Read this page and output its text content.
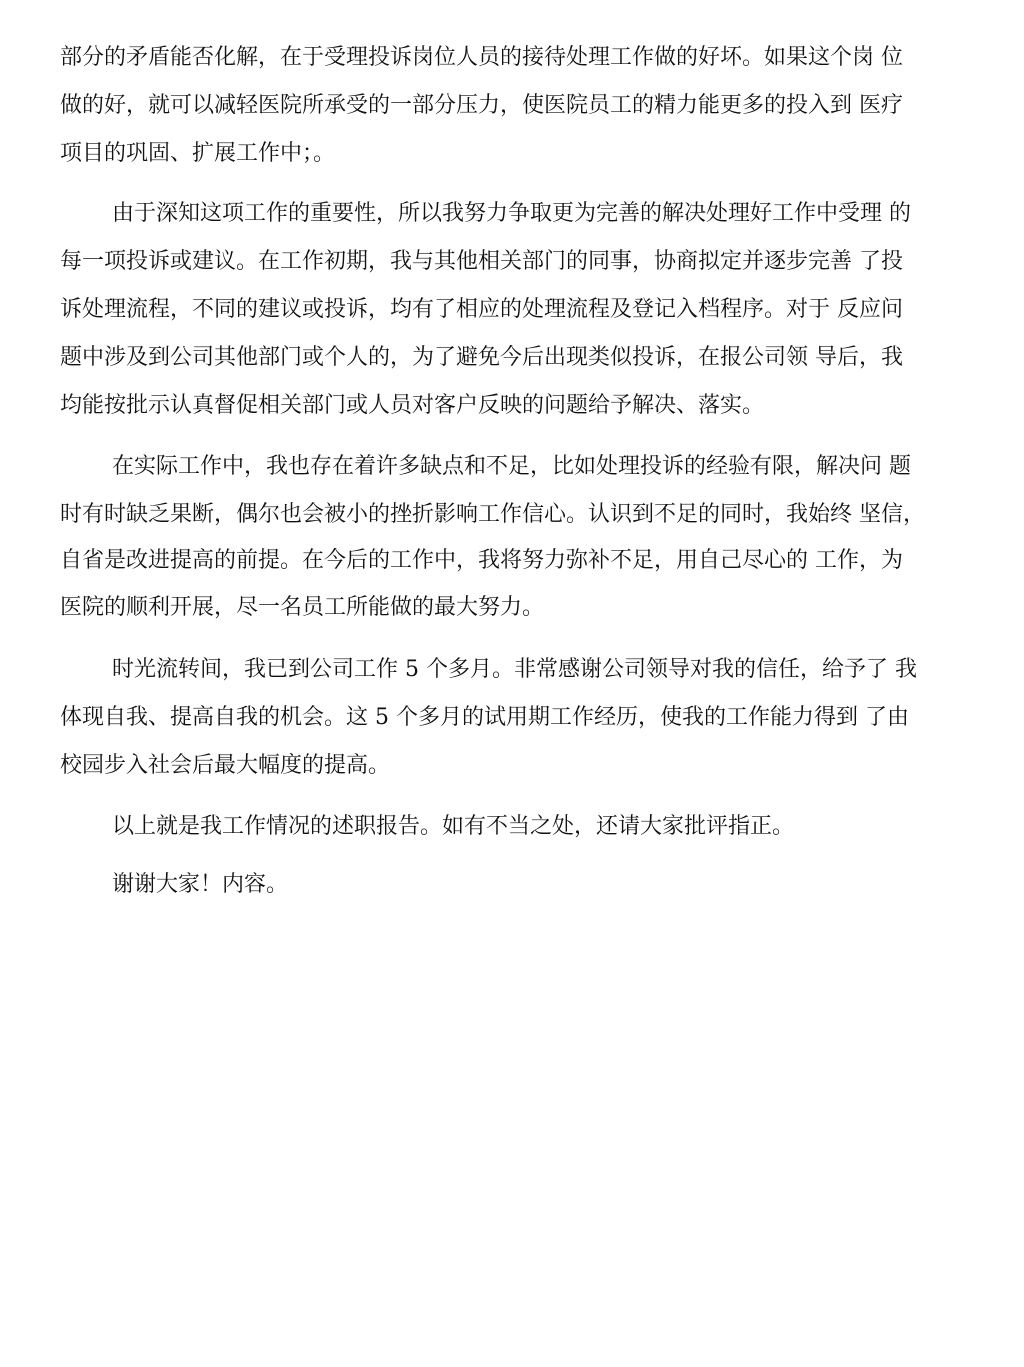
部分的矛盾能否化解，在于受理投诉岗位人员的接待处理工作做的好坏。如果这个岗 位

做的好，就可以减轻医院所承受的一部分压力，使医院员工的精力能更多的投入到 医疗

项目的巩固、扩展工作中；。

由于深知这项工作的重要性，所以我努力争取更为完善的解决处理好工作中受理 的

每一项投诉或建议。在工作初期，我与其他相关部门的同事，协商拟定并逐步完善 了投

诉处理流程，不同的建议或投诉，均有了相应的处理流程及登记入档程序。对于 反应问

题中涉及到公司其他部门或个人的，为了避免今后出现类似投诉，在报公司领 导后，我

均能按批示认真督促相关部门或人员对客户反映的问题给予解决、落实。

在实际工作中，我也存在着许多缺点和不足，比如处理投诉的经验有限，解决问 题

时有时缺乏果断，偶尔也会被小的挫折影响工作信心。认识到不足的同时，我始终 坚信，

自省是改进提高的前提。在今后的工作中，我将努力弥补不足，用自己尽心的 工作，为

医院的顺利开展，尽一名员工所能做的最大努力。

时光流转间，我已到公司工作 5 个多月。非常感谢公司领导对我的信任，给予了 我

体现自我、提高自我的机会。这 5 个多月的试用期工作经历，使我的工作能力得到 了由

校园步入社会后最大幅度的提高。

以上就是我工作情况的述职报告。如有不当之处，还请大家批评指正。

谢谢大家！内容。
